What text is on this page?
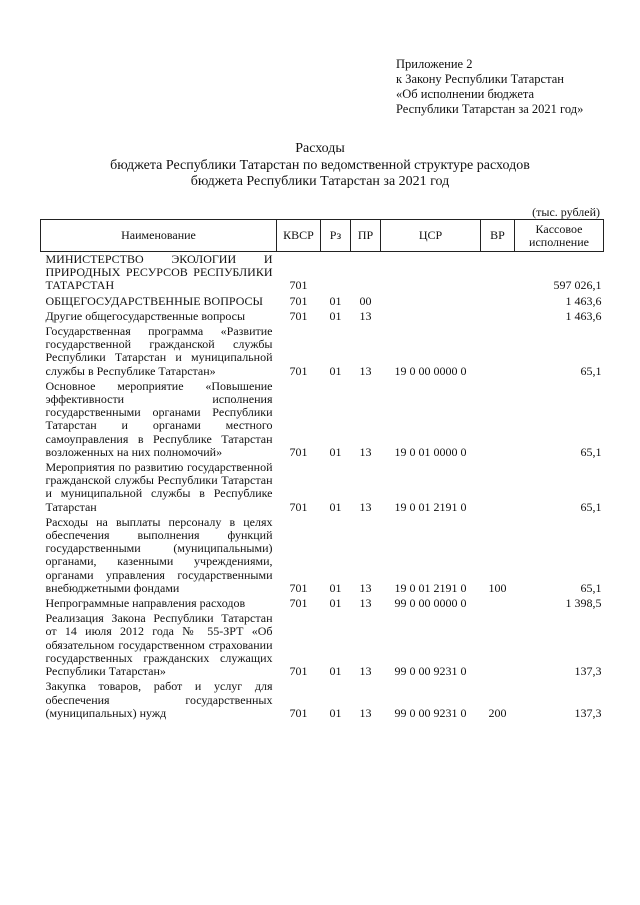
Приложение 2
к Закону Республики Татарстан
«Об исполнении бюджета
Республики Татарстан за 2021 год»
Расходы
бюджета Республики Татарстан по ведомственной структуре расходов
бюджета Республики Татарстан за 2021 год
(тыс. рублей)
Наименование	КВСР	Рз	ПР	ЦСР	ВР	Кассовое исполнение
МИНИСТЕРСТВО ЭКОЛОГИИ И ПРИРОДНЫХ РЕСУРСОВ РЕСПУБЛИКИ ТАТАРСТАН	701					597 026,1
ОБЩЕГОСУДАРСТВЕННЫЕ ВОПРОСЫ	701	01	00			1 463,6
Другие общегосударственные вопросы	701	01	13			1 463,6
Государственная программа «Развитие государственной гражданской службы Республики Татарстан и муниципальной службы в Республике Татарстан»	701	01	13	19 0 00 0000 0		65,1
Основное мероприятие «Повышение эффективности исполнения государственными органами Республики Татарстан и органами местного самоуправления в Республике Татарстан возложенных на них полномочий»	701	01	13	19 0 01 0000 0		65,1
Мероприятия по развитию государственной гражданской службы Республики Татарстан и муниципальной службы в Республике Татарстан	701	01	13	19 0 01 2191 0		65,1
Расходы на выплаты персоналу в целях обеспечения выполнения функций государственными (муниципальными) органами, казенными учреждениями, органами управления государственными внебюджетными фондами	701	01	13	19 0 01 2191 0	100	65,1
Непрограммные направления расходов	701	01	13	99 0 00 0000 0		1 398,5
Реализация Закона Республики Татарстан от 14 июля 2012 года № 55-ЗРТ «Об обязательном государственном страховании государственных гражданских служащих Республики Татарстан»	701	01	13	99 0 00 9231 0		137,3
Закупка товаров, работ и услуг для обеспечения государственных (муниципальных) нужд	701	01	13	99 0 00 9231 0	200	137,3
